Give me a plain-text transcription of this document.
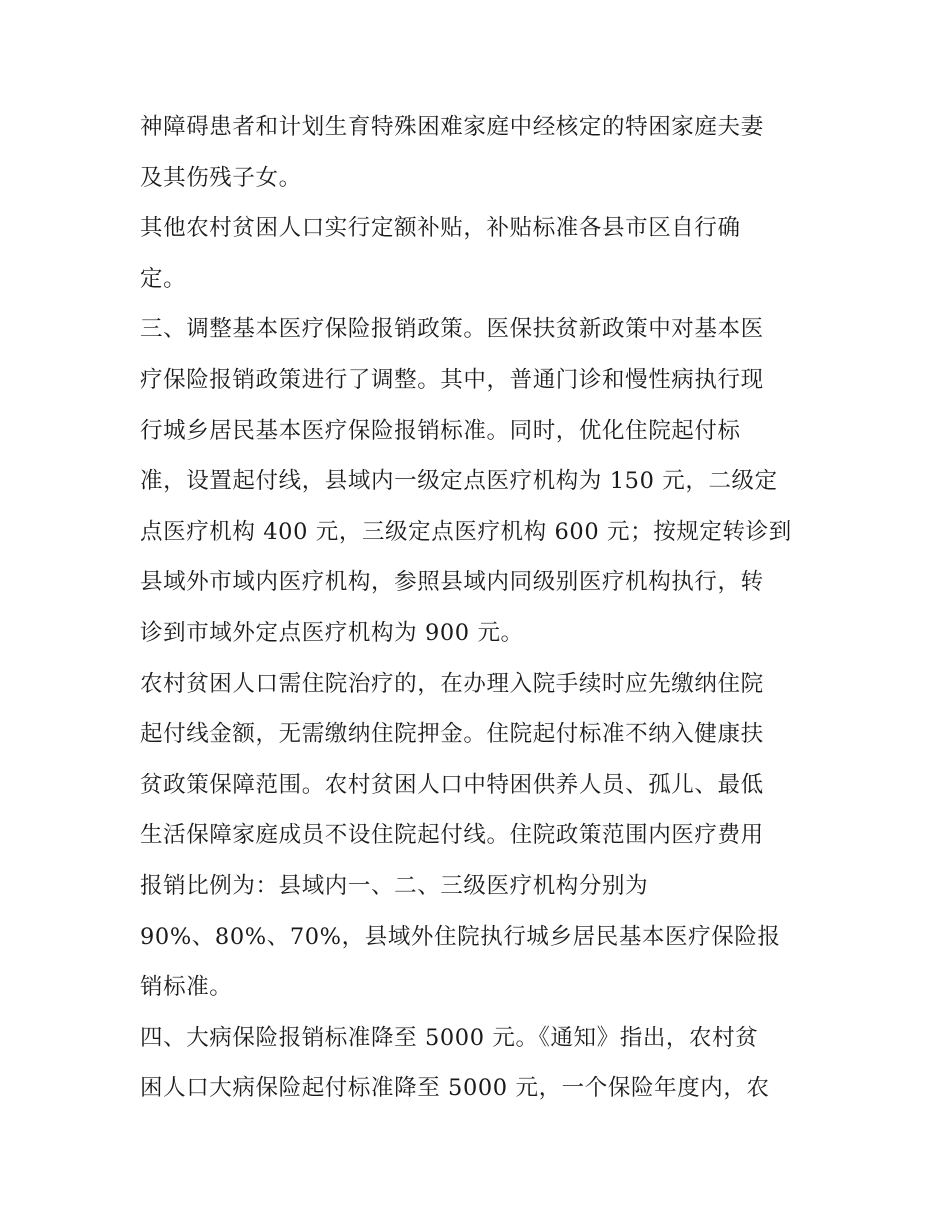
神障碍患者和计划生育特殊困难家庭中经核定的特困家庭夫妻
及其伤残子女。
其他农村贫困人口实行定额补贴，补贴标准各县市区自行确
定。
三、调整基本医疗保险报销政策。医保扶贫新政策中对基本医
疗保险报销政策进行了调整。其中，普通门诊和慢性病执行现
行城乡居民基本医疗保险报销标准。同时，优化住院起付标
准，设置起付线，县域内一级定点医疗机构为 150 元，二级定
点医疗机构 400 元，三级定点医疗机构 600 元；按规定转诊到
县域外市域内医疗机构，参照县域内同级别医疗机构执行，转
诊到市域外定点医疗机构为 900 元。
农村贫困人口需住院治疗的，在办理入院手续时应先缴纳住院
起付线金额，无需缴纳住院押金。住院起付标准不纳入健康扶
贫政策保障范围。农村贫困人口中特困供养人员、孤儿、最低
生活保障家庭成员不设住院起付线。住院政策范围内医疗费用
报销比例为：县域内一、二、三级医疗机构分别为
90%、80%、70%，县域外住院执行城乡居民基本医疗保险报
销标准。
四、大病保险报销标准降至 5000 元。《通知》指出，农村贫
困人口大病保险起付标准降至 5000 元，一个保险年度内，农
